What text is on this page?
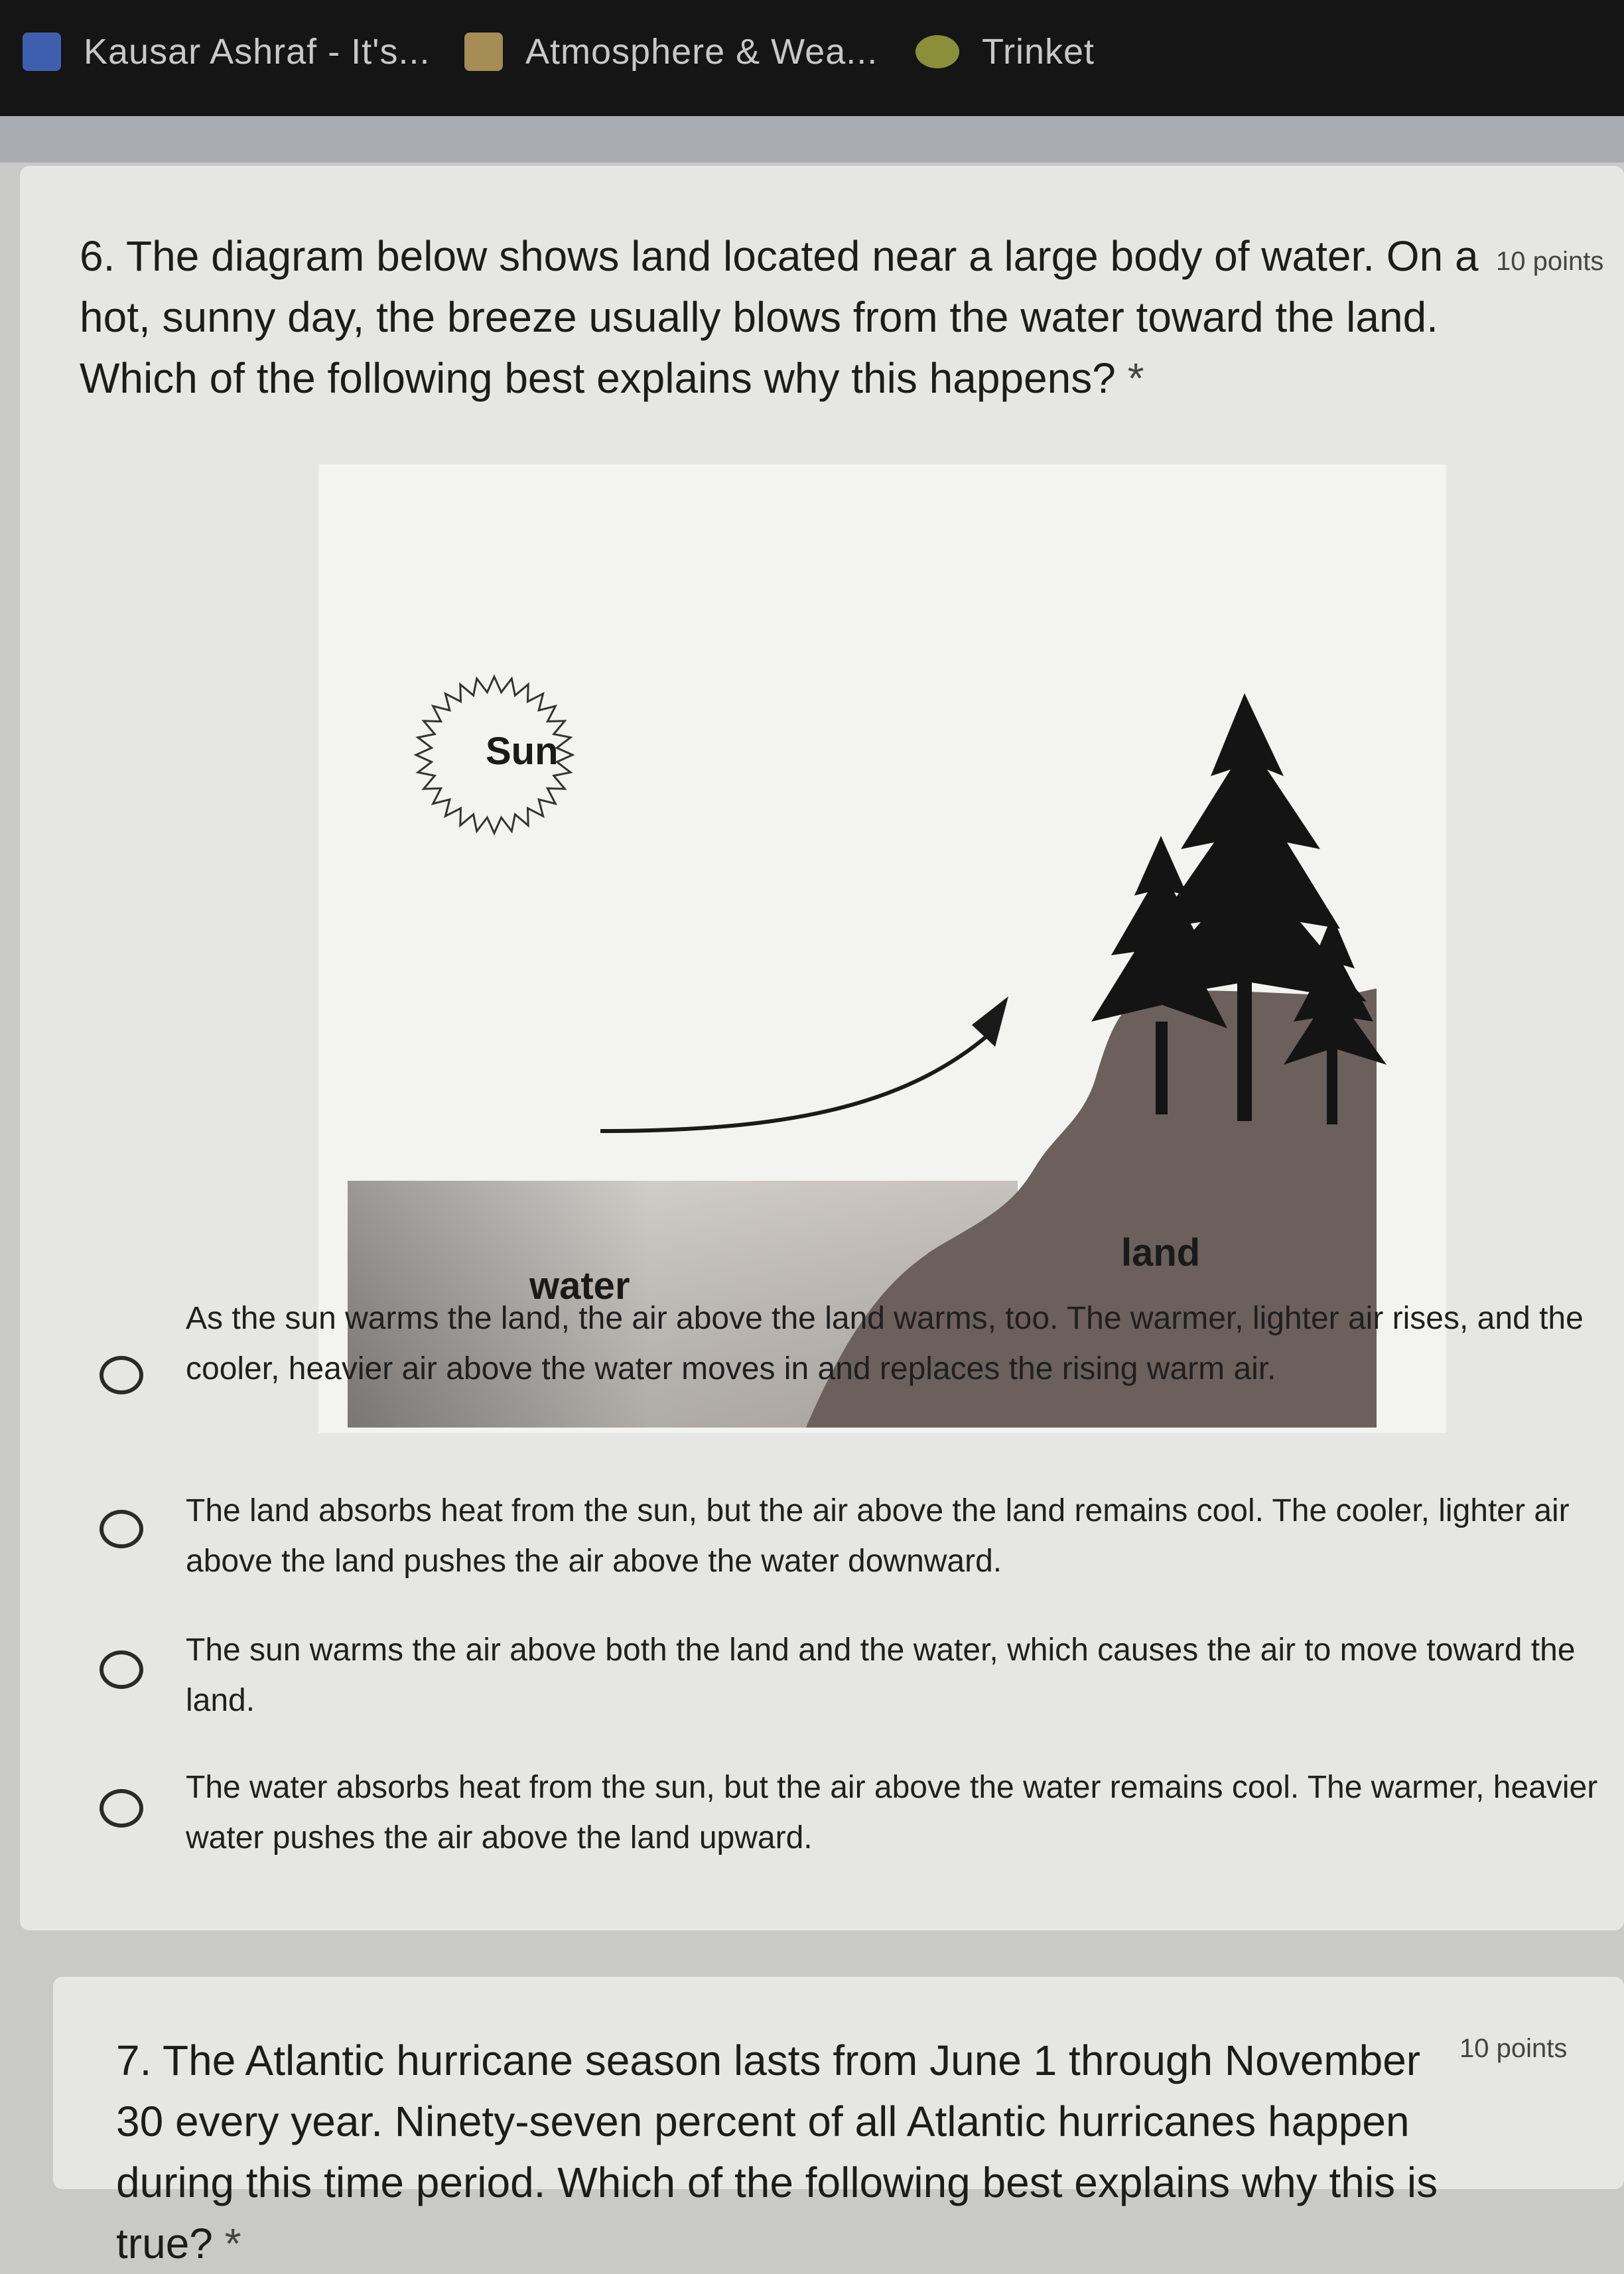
Kausar Ashraf - It's...	Atmosphere & Wea...	Trinket
6. The diagram below shows land located near a large body of water. On a hot, sunny day, the breeze usually blows from the water toward the land. Which of the following best explains why this happens? *
10 points
Sun
water
land
As the sun warms the land, the air above the land warms, too. The warmer, lighter air rises, and the cooler, heavier air above the water moves in and replaces the rising warm air.
The land absorbs heat from the sun, but the air above the land remains cool. The cooler, lighter air above the land pushes the air above the water downward.
The sun warms the air above both the land and the water, which causes the air to move toward the land.
The water absorbs heat from the sun, but the air above the water remains cool. The warmer, heavier water pushes the air above the land upward.
7. The Atlantic hurricane season lasts from June 1 through November 30 every year. Ninety-seven percent of all Atlantic hurricanes happen during this time period. Which of the following best explains why this is true? *
10 points
